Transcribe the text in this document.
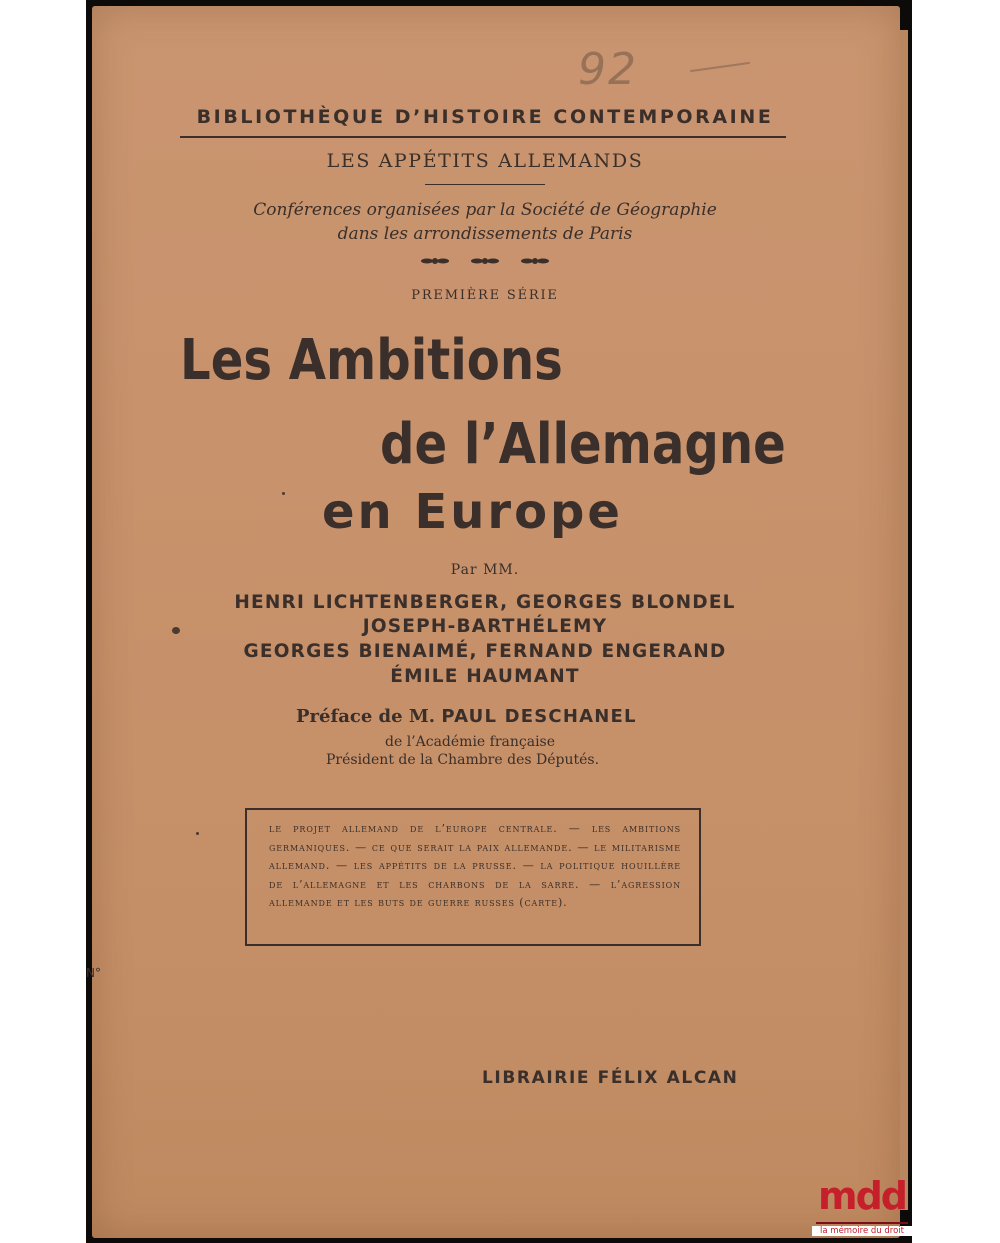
92
BIBLIOTHÈQUE D’HISTOIRE CONTEMPORAINE
LES APPÉTITS ALLEMANDS
Conférences organisées par la Société de Géographie
dans les arrondissements de Paris
PREMIÈRE SÉRIE
Les Ambitions
de l’Allemagne
en Europe
Par MM.
HENRI LICHTENBERGER, GEORGES BLONDEL
JOSEPH-BARTHÉLEMY
GEORGES BIENAIMÉ, FERNAND ENGERAND
ÉMILE HAUMANT
Préface de M. PAUL DESCHANEL
de l’Académie française
Président de la Chambre des Députés.
le projet allemand de l’europe centrale. — les ambitions germaniques. — ce que serait la paix allemande. — le militarisme allemand. — les appétits de la prusse. — la politique houillère de l’allemagne et les charbons de la sarre. — l’agression allemande et les buts de guerre russes (carte).
LIBRAIRIE FÉLIX ALCAN
N°
mdd
la mémoire du droit
